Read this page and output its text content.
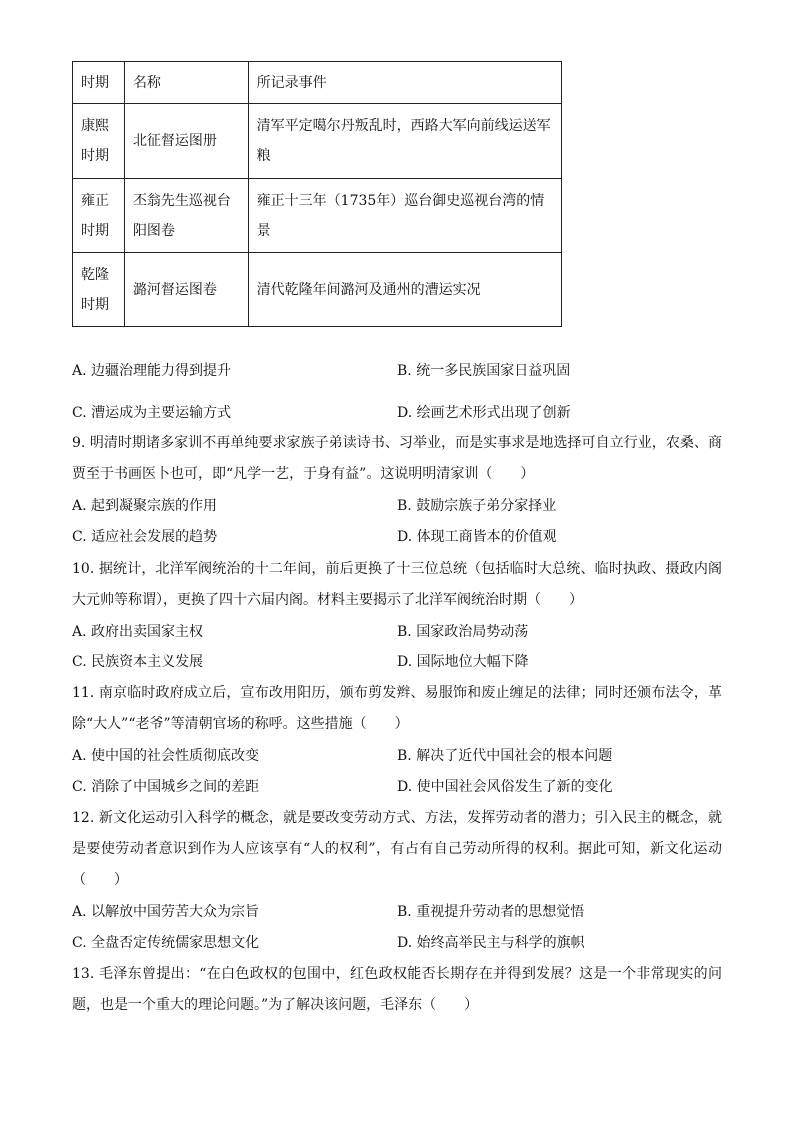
时期	名称	所记录事件
康熙时期	北征督运图册	清军平定噶尔丹叛乱时，西路大军向前线运送军粮
雍正时期	丕翁先生巡视台阳图卷	雍正十三年（1735年）巡台御史巡视台湾的情景
乾隆时期	潞河督运图卷	清代乾隆年间潞河及通州的漕运实况
A. 边疆治理能力得到提升	B. 统一多民族国家日益巩固
C. 漕运成为主要运输方式	D. 绘画艺术形式出现了创新
9. 明清时期诸多家训不再单纯要求家族子弟读诗书、习举业，而是实事求是地选择可自立行业，农桑、商贾至于书画医卜也可，即“凡学一艺，于身有益”。这说明明清家训（　　）
A. 起到凝聚宗族的作用	B. 鼓励宗族子弟分家择业
C. 适应社会发展的趋势	D. 体现工商皆本的价值观
10. 据统计，北洋军阀统治的十二年间，前后更换了十三位总统（包括临时大总统、临时执政、摄政内阁大元帅等称谓），更换了四十六届内阁。材料主要揭示了北洋军阀统治时期（　　）
A. 政府出卖国家主权	B. 国家政治局势动荡
C. 民族资本主义发展	D. 国际地位大幅下降
11. 南京临时政府成立后，宣布改用阳历，颁布剪发辫、易服饰和废止缠足的法律；同时还颁布法令，革除“大人”“老爷”等清朝官场的称呼。这些措施（　　）
A. 使中国的社会性质彻底改变	B. 解决了近代中国社会的根本问题
C. 消除了中国城乡之间的差距	D. 使中国社会风俗发生了新的变化
12. 新文化运动引入科学的概念，就是要改变劳动方式、方法，发挥劳动者的潜力；引入民主的概念，就是要使劳动者意识到作为人应该享有“人的权利”，有占有自己劳动所得的权利。据此可知，新文化运动（　　）
A. 以解放中国劳苦大众为宗旨	B. 重视提升劳动者的思想觉悟
C. 全盘否定传统儒家思想文化	D. 始终高举民主与科学的旗帜
13. 毛泽东曾提出：“在白色政权的包围中，红色政权能否长期存在并得到发展？这是一个非常现实的问题，也是一个重大的理论问题。”为了解决该问题，毛泽东（　　）
